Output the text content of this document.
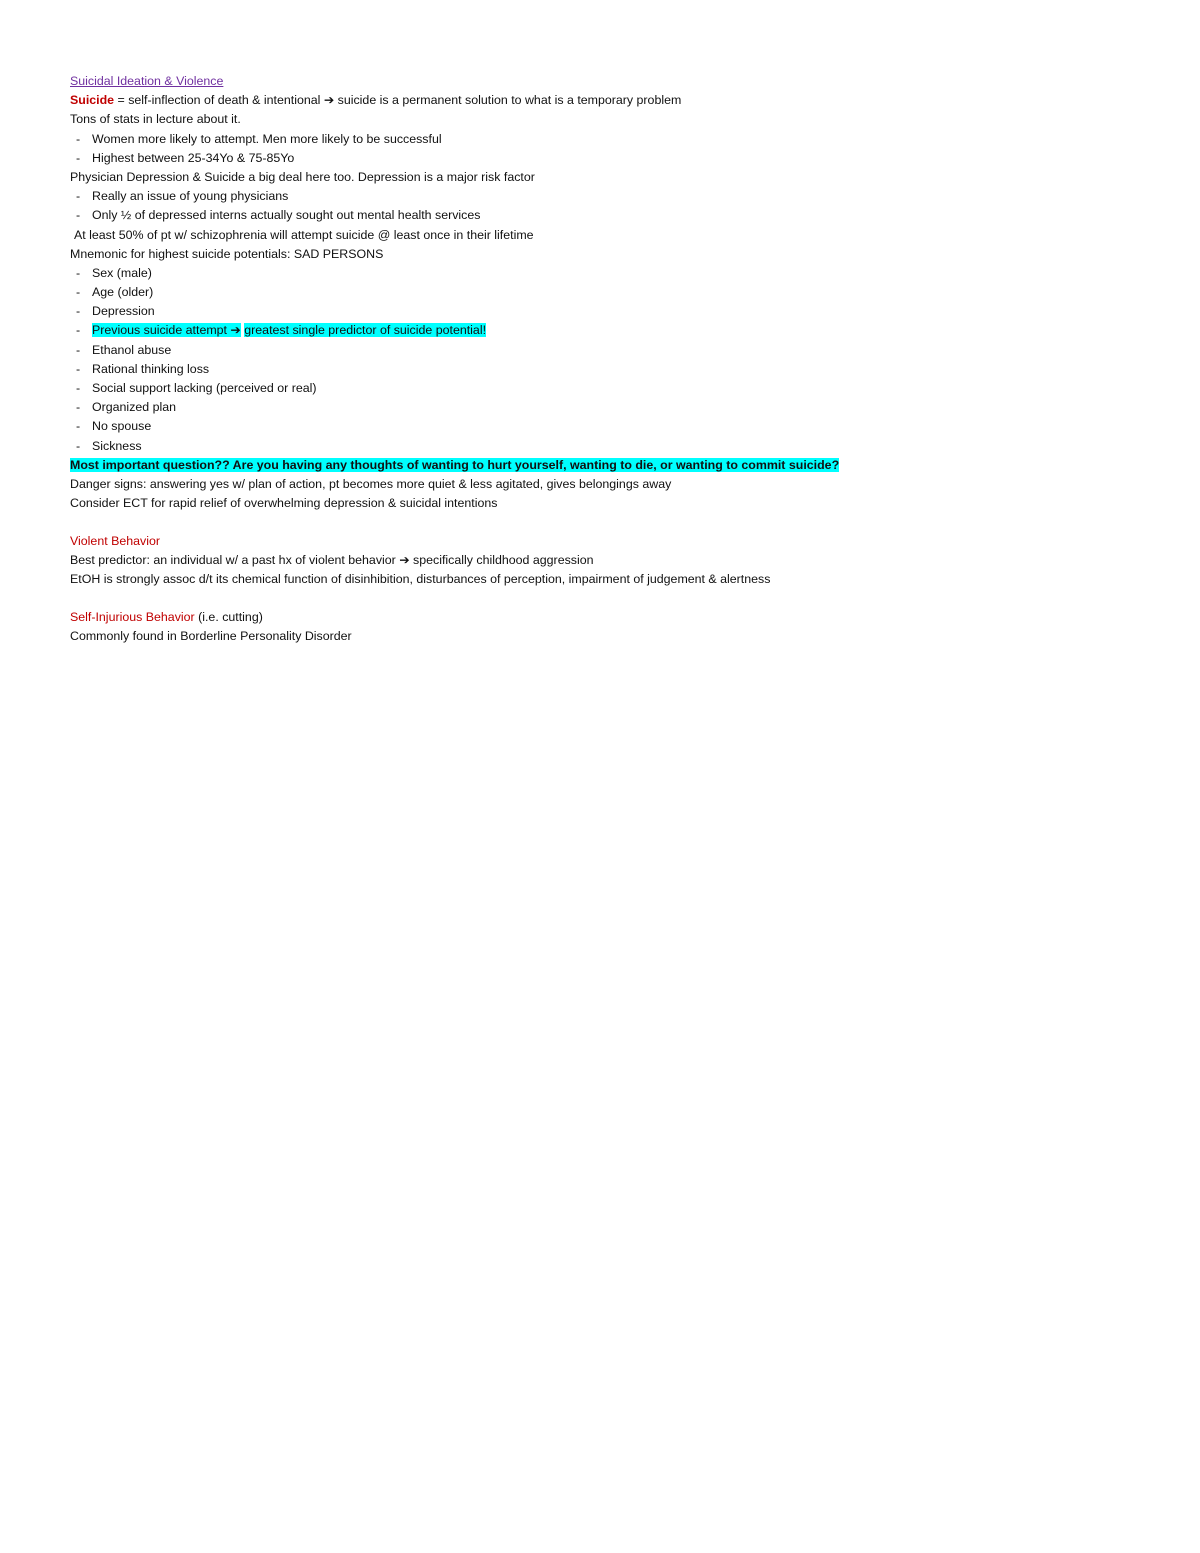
Suicidal Ideation & Violence
Suicide = self-inflection of death & intentional ➔ suicide is a permanent solution to what is a temporary problem
Tons of stats in lecture about it.
- Women more likely to attempt. Men more likely to be successful
- Highest between 25-34Yo & 75-85Yo
Physician Depression & Suicide a big deal here too. Depression is a major risk factor
- Really an issue of young physicians
- Only ½ of depressed interns actually sought out mental health services
At least 50% of pt w/ schizophrenia will attempt suicide @ least once in their lifetime
Mnemonic for highest suicide potentials: SAD PERSONS
- Sex (male)
- Age (older)
- Depression
- Previous suicide attempt ➔ greatest single predictor of suicide potential!
- Ethanol abuse
- Rational thinking loss
- Social support lacking (perceived or real)
- Organized plan
- No spouse
- Sickness
Most important question?? Are you having any thoughts of wanting to hurt yourself, wanting to die, or wanting to commit suicide?
Danger signs: answering yes w/ plan of action, pt becomes more quiet & less agitated, gives belongings away
Consider ECT for rapid relief of overwhelming depression & suicidal intentions
Violent Behavior
Best predictor: an individual w/ a past hx of violent behavior ➔ specifically childhood aggression
EtOH is strongly assoc d/t its chemical function of disinhibition, disturbances of perception, impairment of judgement & alertness
Self-Injurious Behavior (i.e. cutting)
Commonly found in Borderline Personality Disorder
